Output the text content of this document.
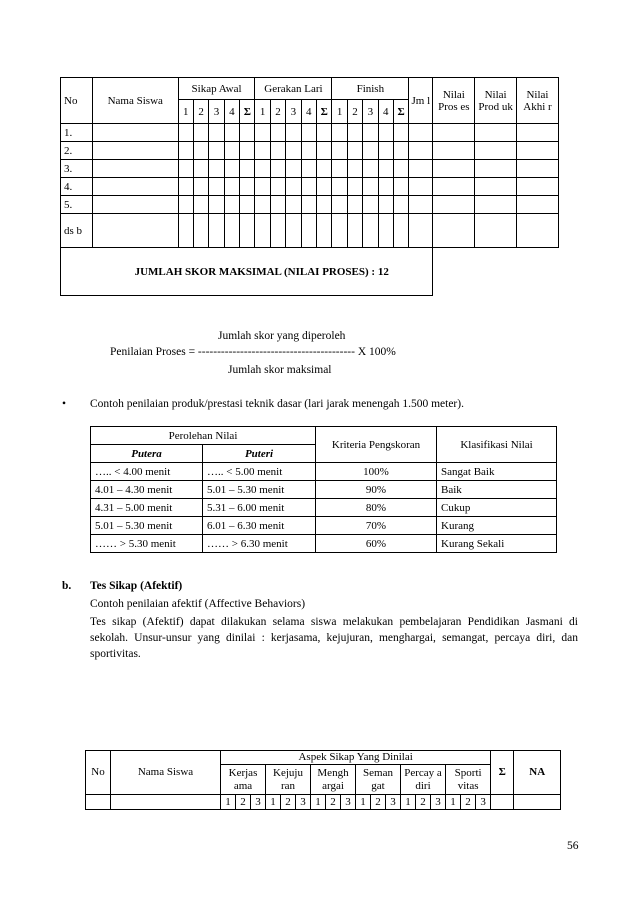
No	Nama Siswa	Sikap Awal					Gerakan Lari					Finish					Jm l	Nilai Pros es	Nilai Prod uk	Nilai Akhi r
		1	2	3	4	Σ	1	2	3	4	Σ	1	2	3	4	Σ				
1.																				
2.																				
3.																				
4.																				
5.																				
ds b																				
JUMLAH SKOR MAKSIMAL (NILAI PROSES) : 12																				
Jumlah skor yang diperoleh
Penilaian Proses = ----------------------------------------- X 100%
Jumlah skor maksimal
• Contoh penilaian produk/prestasi teknik dasar (lari jarak menengah 1.500 meter).
Perolehan Nilai		Kriteria Pengskoran	Klasifikasi Nilai
Putera	Puteri		
….. < 4.00 menit	….. < 5.00 menit	100%	Sangat Baik
4.01 – 4.30 menit	5.01 – 5.30 menit	90%	Baik
4.31 – 5.00 menit	5.31 – 6.00 menit	80%	Cukup
5.01 – 5.30 menit	6.01 – 6.30 menit	70%	Kurang
…… > 5.30 menit	…… > 6.30 menit	60%	Kurang Sekali
b. Tes Sikap (Afektif)
Contoh penilaian afektif (Affective Behaviors)
Tes sikap (Afektif) dapat dilakukan selama siswa melakukan pembelajaran Pendidikan Jasmani di sekolah. Unsur-unsur yang dinilai : kerjasama, kejujuran, menghargai, semangat, percaya diri, dan sportivitas.
No	Nama Siswa	Aspek Sikap Yang Dinilai																		Σ	NA
		Kerjas ama			Kejuju ran			Mengh argai			Seman gat			Percay a diri			Sporti vitas				
		1	2	3	1	2	3	1	2	3	1	2	3	1	2	3	1	2	3		
56
